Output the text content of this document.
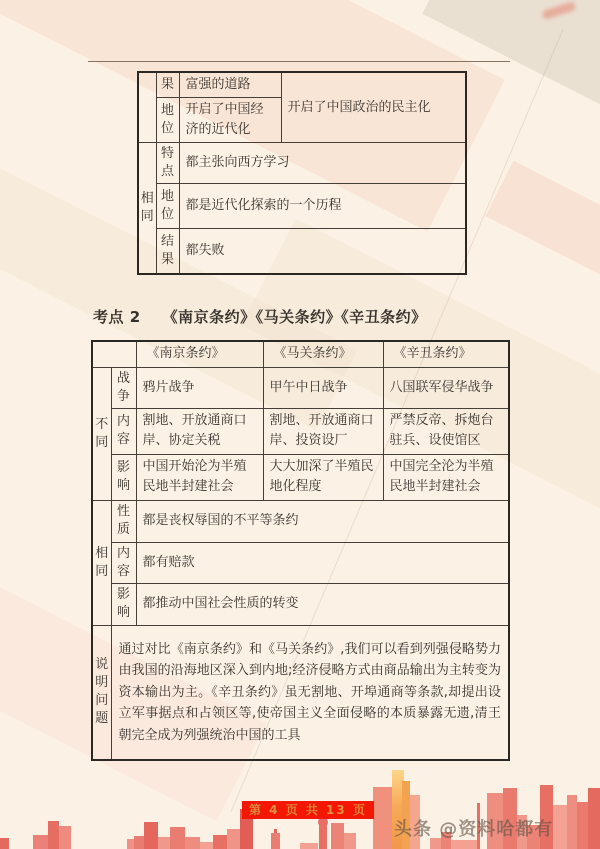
	果	富强的道路	开启了中国政治的民主化
	地位	开启了中国经济的近代化	
相同	特点	都主张向西方学习	
	地位	都是近代化探索的一个历程	
	结果	都失败	
考点 2 《南京条约》《马关条约》《辛丑条约》
		《南京条约》	《马关条约》	《辛丑条约》
不同	战争	鸦片战争	甲午中日战争	八国联军侵华战争
	内容	割地、开放通商口岸、协定关税	割地、开放通商口岸、投资设厂	严禁反帝、拆炮台驻兵、设使馆区
	影响	中国开始沦为半殖民地半封建社会	大大加深了半殖民地化程度	中国完全沦为半殖民地半封建社会
相同	性质	都是丧权辱国的不平等条约		
	内容	都有赔款		
	影响	都推动中国社会性质的转变		
说明问题	通过对比《南京条约》和《马关条约》,我们可以看到列强侵略势力由我国的沿海地区深入到内地;经济侵略方式由商品输出为主转变为资本输出为主。《辛丑条约》虽无割地、开埠通商等条款,却提出设立军事据点和占领区等,使帝国主义全面侵略的本质暴露无遗,清王朝完全成为列强统治中国的工具			
第 4 页 共 13 页
头条 @资料哈都有
